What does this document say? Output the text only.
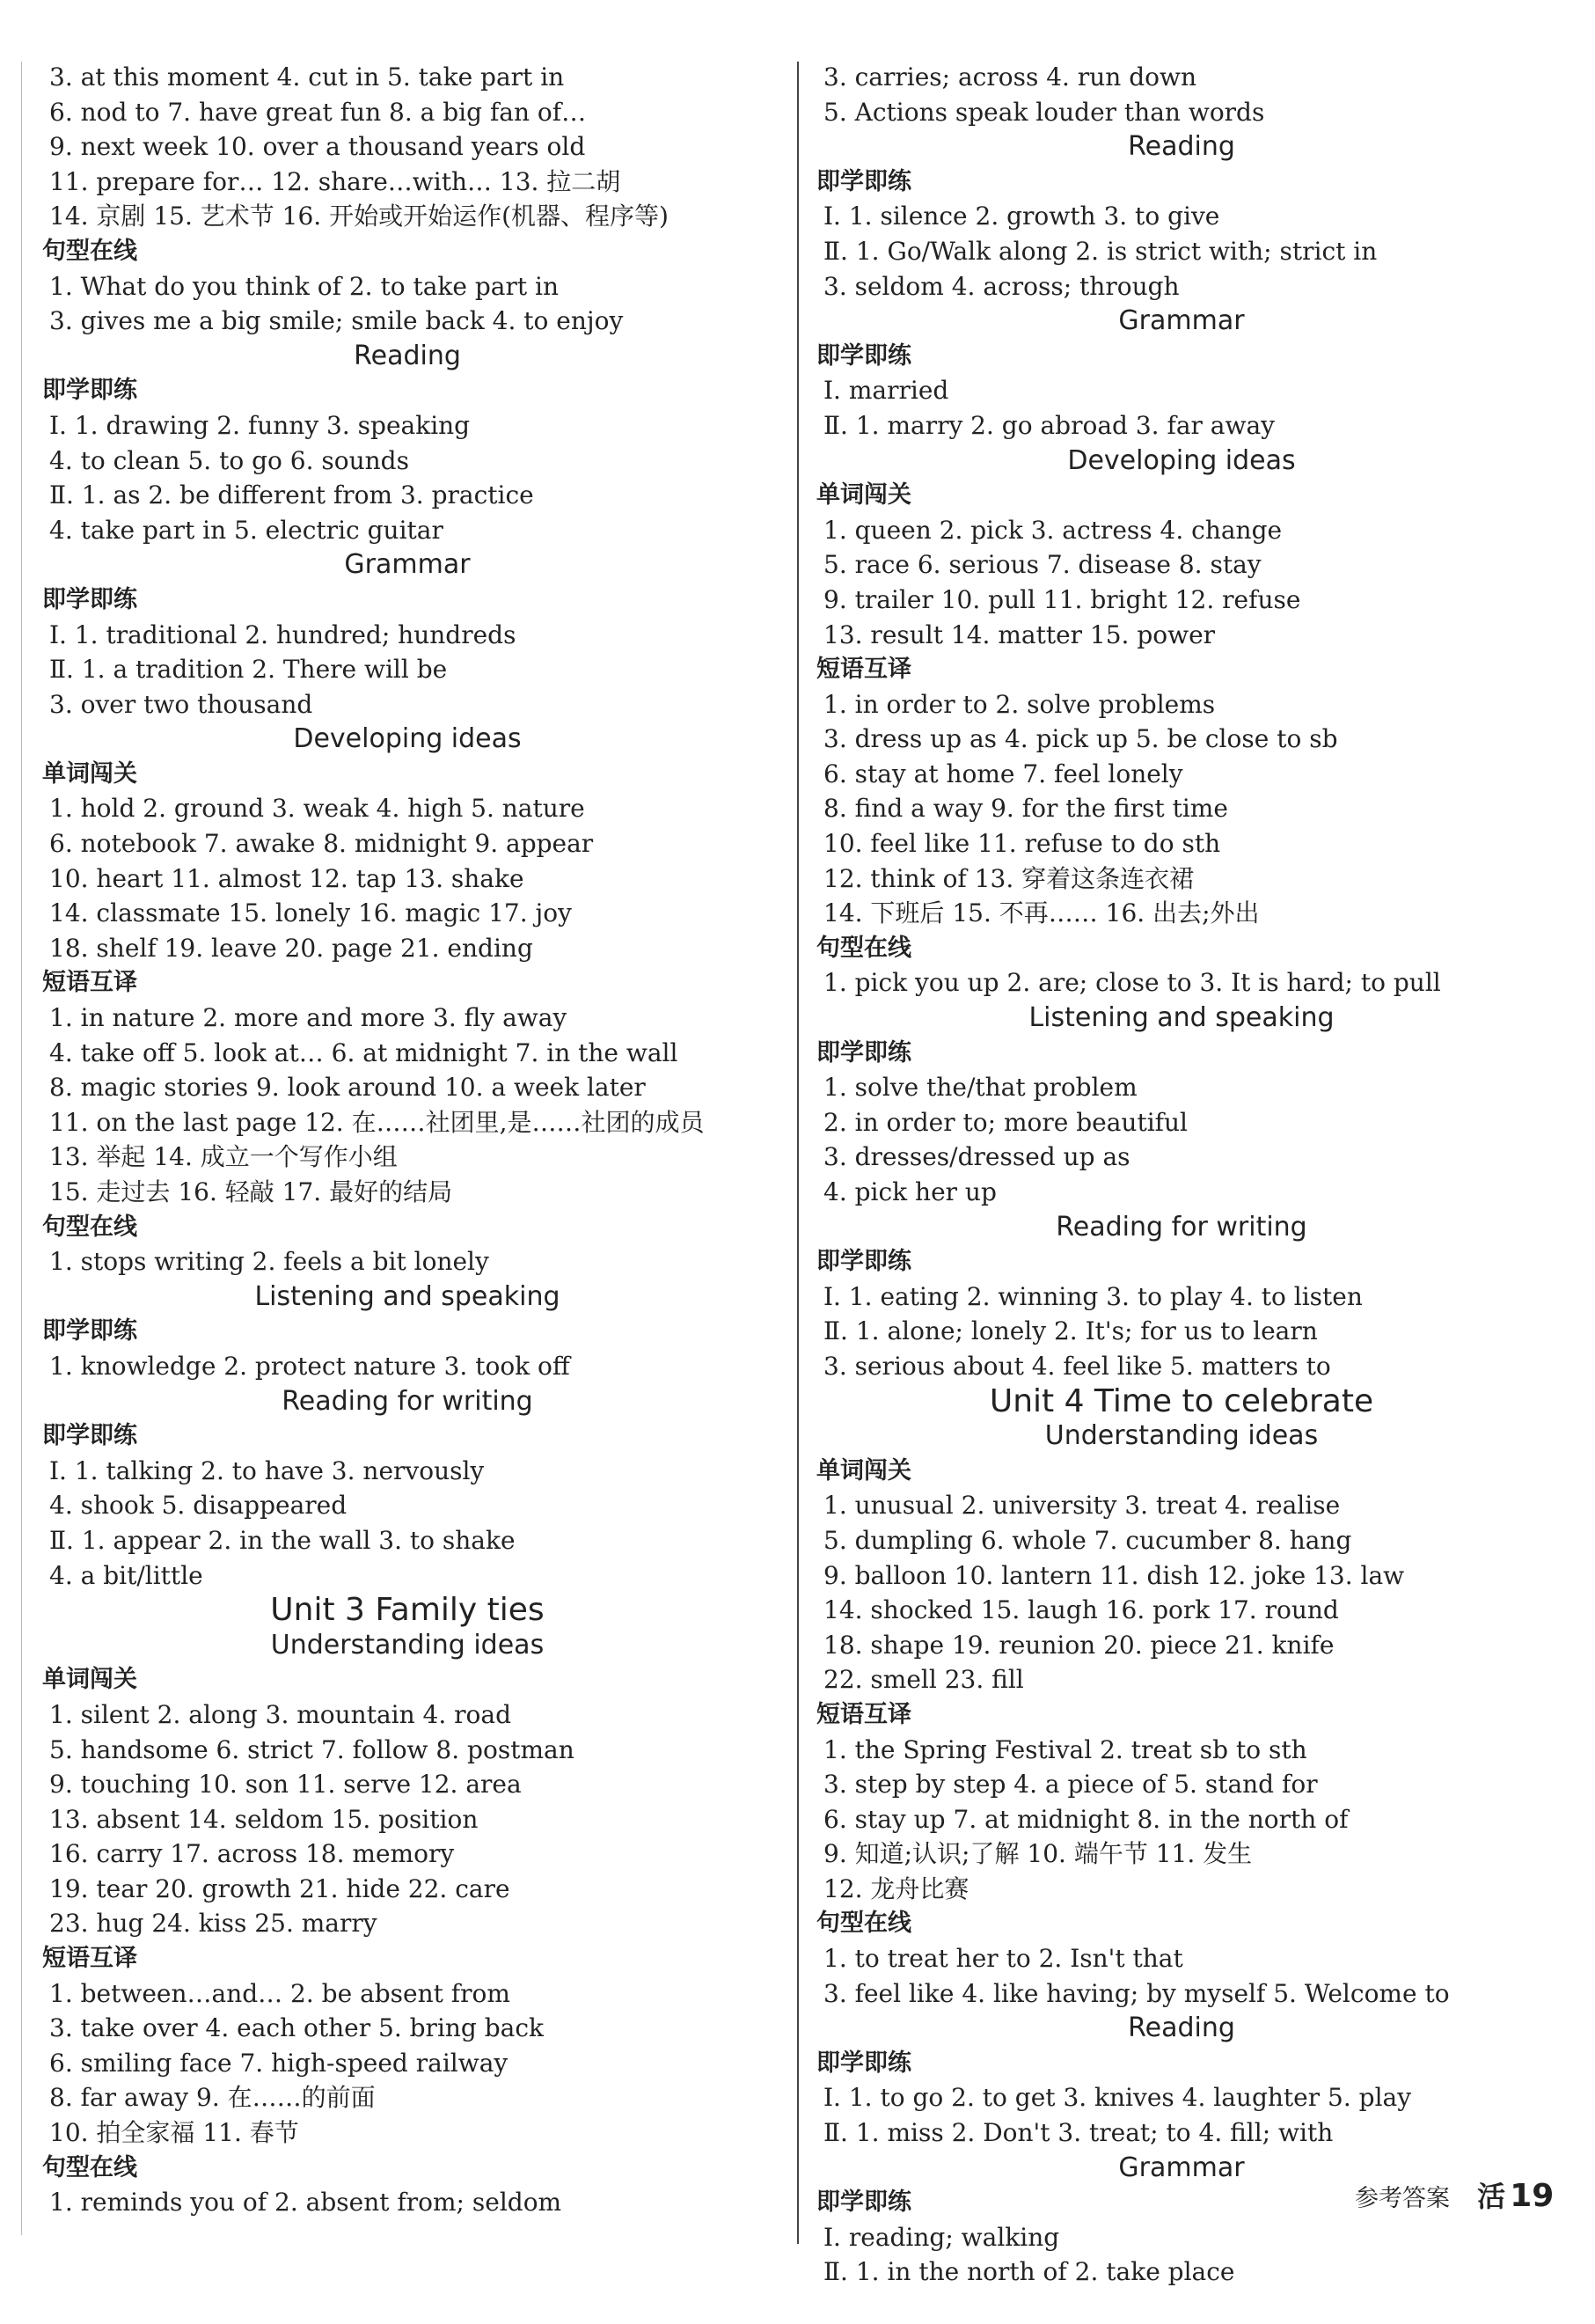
3. at this moment 4. cut in 5. take part in
6. nod to 7. have great fun 8. a big fan of…
9. next week 10. over a thousand years old
11. prepare for… 12. share…with… 13. 拉二胡
14. 京剧 15. 艺术节 16. 开始或开始运作(机器、程序等)
句型在线
1. What do you think of 2. to take part in
3. gives me a big smile; smile back 4. to enjoy
Reading
即学即练
Ⅰ. 1. drawing 2. funny 3. speaking
4. to clean 5. to go 6. sounds
Ⅱ. 1. as 2. be different from 3. practice
4. take part in 5. electric guitar
Grammar
即学即练
Ⅰ. 1. traditional 2. hundred; hundreds
Ⅱ. 1. a tradition 2. There will be
3. over two thousand
Developing ideas
单词闯关
1. hold 2. ground 3. weak 4. high 5. nature
6. notebook 7. awake 8. midnight 9. appear
10. heart 11. almost 12. tap 13. shake
14. classmate 15. lonely 16. magic 17. joy
18. shelf 19. leave 20. page 21. ending
短语互译
1. in nature 2. more and more 3. fly away
4. take off 5. look at… 6. at midnight 7. in the wall
8. magic stories 9. look around 10. a week later
11. on the last page 12. 在……社团里,是……社团的成员
13. 举起 14. 成立一个写作小组
15. 走过去 16. 轻敲 17. 最好的结局
句型在线
1. stops writing 2. feels a bit lonely
Listening and speaking
即学即练
1. knowledge 2. protect nature 3. took off
Reading for writing
即学即练
Ⅰ. 1. talking 2. to have 3. nervously
4. shook 5. disappeared
Ⅱ. 1. appear 2. in the wall 3. to shake
4. a bit/little
Unit 3 Family ties
Understanding ideas
单词闯关
1. silent 2. along 3. mountain 4. road
5. handsome 6. strict 7. follow 8. postman
9. touching 10. son 11. serve 12. area
13. absent 14. seldom 15. position
16. carry 17. across 18. memory
19. tear 20. growth 21. hide 22. care
23. hug 24. kiss 25. marry
短语互译
1. between…and… 2. be absent from
3. take over 4. each other 5. bring back
6. smiling face 7. high-speed railway
8. far away 9. 在……的前面
10. 拍全家福 11. 春节
句型在线
1. reminds you of 2. absent from; seldom
3. carries; across 4. run down
5. Actions speak louder than words
Reading
即学即练
Ⅰ. 1. silence 2. growth 3. to give
Ⅱ. 1. Go/Walk along 2. is strict with; strict in
3. seldom 4. across; through
Grammar
即学即练
Ⅰ. married
Ⅱ. 1. marry 2. go abroad 3. far away
Developing ideas
单词闯关
1. queen 2. pick 3. actress 4. change
5. race 6. serious 7. disease 8. stay
9. trailer 10. pull 11. bright 12. refuse
13. result 14. matter 15. power
短语互译
1. in order to 2. solve problems
3. dress up as 4. pick up 5. be close to sb
6. stay at home 7. feel lonely
8. find a way 9. for the first time
10. feel like 11. refuse to do sth
12. think of 13. 穿着这条连衣裙
14. 下班后 15. 不再…… 16. 出去;外出
句型在线
1. pick you up 2. are; close to 3. It is hard; to pull
Listening and speaking
即学即练
1. solve the/that problem
2. in order to; more beautiful
3. dresses/dressed up as
4. pick her up
Reading for writing
即学即练
Ⅰ. 1. eating 2. winning 3. to play 4. to listen
Ⅱ. 1. alone; lonely 2. It's; for us to learn
3. serious about 4. feel like 5. matters to
Unit 4 Time to celebrate
Understanding ideas
单词闯关
1. unusual 2. university 3. treat 4. realise
5. dumpling 6. whole 7. cucumber 8. hang
9. balloon 10. lantern 11. dish 12. joke 13. law
14. shocked 15. laugh 16. pork 17. round
18. shape 19. reunion 20. piece 21. knife
22. smell 23. fill
短语互译
1. the Spring Festival 2. treat sb to sth
3. step by step 4. a piece of 5. stand for
6. stay up 7. at midnight 8. in the north of
9. 知道;认识;了解 10. 端午节 11. 发生
12. 龙舟比赛
句型在线
1. to treat her to 2. Isn't that
3. feel like 4. like having; by myself 5. Welcome to
Reading
即学即练
Ⅰ. 1. to go 2. to get 3. knives 4. laughter 5. play
Ⅱ. 1. miss 2. Don't 3. treat; to 4. fill; with
Grammar
即学即练
Ⅰ. reading; walking
Ⅱ. 1. in the north of 2. take place
参考答案 活 19
